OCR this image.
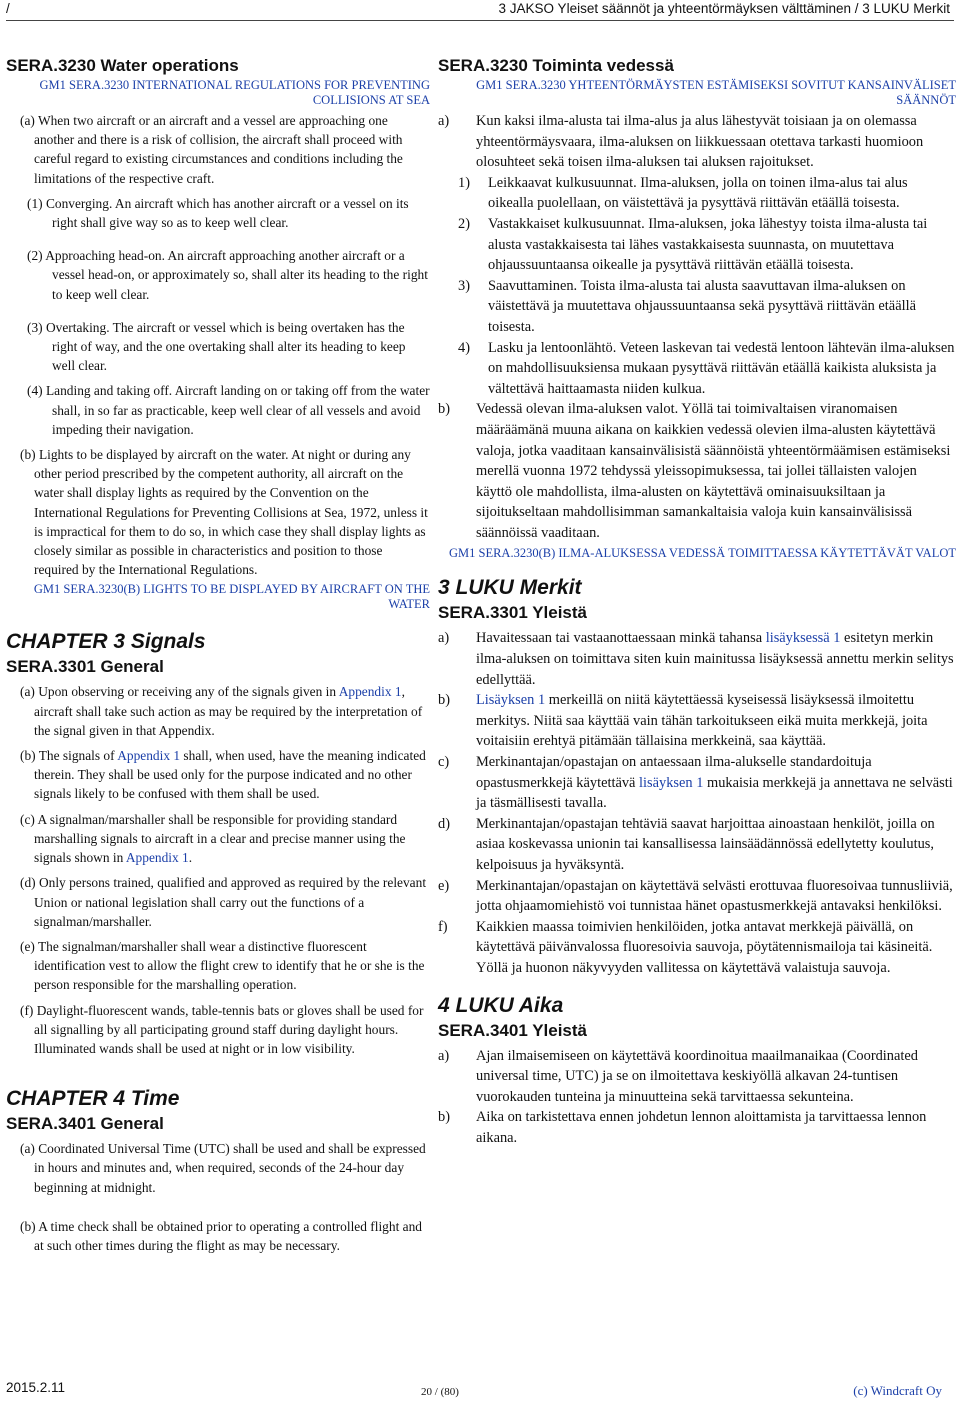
/	3 JAKSO Yleiset säännöt ja yhteentörmäyksen välttäminen / 3 LUKU Merkit
SERA.3230 Water operations

GM1 SERA.3230 INTERNATIONAL REGULATIONS FOR PREVENTING COLLISIONS AT SEA

(a) When two aircraft or an aircraft and a vessel are approaching one another and there is a risk of collision, the aircraft shall proceed with careful regard to existing circumstances and conditions including the limitations of the respective craft.

(1) Converging. An aircraft which has another aircraft or a vessel on its right shall give way so as to keep well clear.

(2) Approaching head-on. An aircraft approaching another aircraft or a vessel head-on, or approximately so, shall alter its heading to the right to keep well clear.

(3) Overtaking. The aircraft or vessel which is being overtaken has the right of way, and the one overtaking shall alter its heading to keep well clear.

(4) Landing and taking off. Aircraft landing on or taking off from the water shall, in so far as practicable, keep well clear of all vessels and avoid impeding their navigation.

(b) Lights to be displayed by aircraft on the water. At night or during any other period prescribed by the competent authority, all aircraft on the water shall display lights as required by the Convention on the International Regulations for Preventing Collisions at Sea, 1972, unless it is impractical for them to do so, in which case they shall display lights as closely similar as possible in characteristics and position to those required by the International Regulations.

GM1 SERA.3230(B) LIGHTS TO BE DISPLAYED BY AIRCRAFT ON THE WATER

CHAPTER 3 Signals
SERA.3301 General

(a) Upon observing or receiving any of the signals given in Appendix 1, aircraft shall take such action as may be required by the interpretation of the signal given in that Appendix.

(b) The signals of Appendix 1 shall, when used, have the meaning indicated therein. They shall be used only for the purpose indicated and no other signals likely to be confused with them shall be used.

(c) A signalman/marshaller shall be responsible for providing standard marshalling signals to aircraft in a clear and precise manner using the signals shown in Appendix 1.

(d) Only persons trained, qualified and approved as required by the relevant Union or national legislation shall carry out the functions of a signalman/marshaller.

(e) The signalman/marshaller shall wear a distinctive fluorescent identification vest to allow the flight crew to identify that he or she is the person responsible for the marshalling operation.

(f) Daylight-fluorescent wands, table-tennis bats or gloves shall be used for all signalling by all participating ground staff during daylight hours. Illuminated wands shall be used at night or in low visibility.

CHAPTER 4 Time
SERA.3401 General

(a) Coordinated Universal Time (UTC) shall be used and shall be expressed in hours and minutes and, when required, seconds of the 24-hour day beginning at midnight.

(b) A time check shall be obtained prior to operating a controlled flight and at such other times during the flight as may be necessary.

SERA.3230 Toiminta vedessä

GM1 SERA.3230 YHTEENTÖRMÄYSTEN ESTÄMISEKSI SOVITUT KANSAINVÄLISET SÄÄNNÖT

a)	Kun kaksi ilma-alusta tai ilma-alus ja alus lähestyvät toisiaan ja on olemassa yhteentörmäysvaara, ilma-aluksen on liikkuessaan otettava tarkasti huomioon olosuhteet sekä toisen ilma-aluksen tai aluksen rajoitukset.
1)	Leikkaavat kulkusuunnat. Ilma-aluksen, jolla on toinen ilma-alus tai alus oikealla puolellaan, on väistettävä ja pysyttävä riittävän etäällä toisesta.
2)	Vastakkaiset kulkusuunnat. Ilma-aluksen, joka lähestyy toista ilma-alusta tai alusta vastakkaisesta tai lähes vastakkaisesta suunnasta, on muutettava ohjaussuuntaansa oikealle ja pysyttävä riittävän etäällä toisesta.
3)	Saavuttaminen. Toista ilma-alusta tai alusta saavuttavan ilma-aluksen on väistettävä ja muutettava ohjaussuuntaansa sekä pysyttävä riittävän etäällä toisesta.
4)	Lasku ja lentoonlähtö. Veteen laskevan tai vedestä lentoon lähtevän ilma-aluksen on mahdollisuuksiensa mukaan pysyttävä riittävän etäällä kaikista aluksista ja vältettävä haittaamasta niiden kulkua.
b)	Vedessä olevan ilma-aluksen valot. Yöllä tai toimivaltaisen viranomaisen määräämänä muuna aikana on kaikkien vedessä olevien ilma-alusten käytettävä valoja, jotka vaaditaan kansainvälisistä säännöistä yhteentörmäämisen estämiseksi merellä vuonna 1972 tehdyssä yleissopimuksessa, tai jollei tällaisten valojen käyttö ole mahdollista, ilma-alusten on käytettävä ominaisuuksiltaan ja sijoitukseltaan mahdollisimman samankaltaisia valoja kuin kansainvälisissä säännöissä vaaditaan.

GM1 SERA.3230(B) ILMA-ALUKSESSA VEDESSÄ TOIMITTAESSA KÄYTETTÄVÄT VALOT

3 LUKU Merkit
SERA.3301 Yleistä
a)	Havaitessaan tai vastaanottaessaan minkä tahansa lisäyksessä 1 esitetyn merkin ilma-aluksen on toimittava siten kuin mainitussa lisäyksessä annettu merkin selitys edellyttää.
b)	Lisäyksen 1 merkeillä on niitä käytettäessä kyseisessä lisäyksessä ilmoitettu merkitys. Niitä saa käyttää vain tähän tarkoitukseen eikä muita merkkejä, joita voitaisiin erehtyä pitämään tällaisina merkkeinä, saa käyttää.
c)	Merkinantajan/opastajan on antaessaan ilma-alukselle standardoituja opastusmerkkejä käytettävä lisäyksen 1 mukaisia merkkejä ja annettava ne selvästi ja täsmällisesti tavalla.
d)	Merkinantajan/opastajan tehtäviä saavat harjoittaa ainoastaan henkilöt, joilla on asiaa koskevassa unionin tai kansallisessa lainsäädännössä edellytetty koulutus, kelpoisuus ja hyväksyntä.
e)	Merkinantajan/opastajan on käytettävä selvästi erottuvaa fluoresoivaa tunnusliiviä, jotta ohjaamomiehistö voi tunnistaa hänet opastusmerkkejä antavaksi henkilöksi.
f)	Kaikkien maassa toimivien henkilöiden, jotka antavat merkkejä päivällä, on käytettävä päivänvalossa fluoresoivia sauvoja, pöytätennismailoja tai käsineitä. Yöllä ja huonon näkyvyyden vallitessa on käytettävä valaistuja sauvoja.
4 LUKU Aika
SERA.3401 Yleistä
a)	Ajan ilmaisemiseen on käytettävä koordinoitua maailmanaikaa (Coordinated universal time, UTC) ja se on ilmoitettava keskiyöllä alkavan 24-tuntisen vuorokauden tunteina ja minuutteina sekä tarvittaessa sekunteina.
b)	Aika on tarkistettava ennen johdetun lennon aloittamista ja tarvittaessa lennon aikana.
2015.2.11	20 / (80)	(c) Windcraft Oy
